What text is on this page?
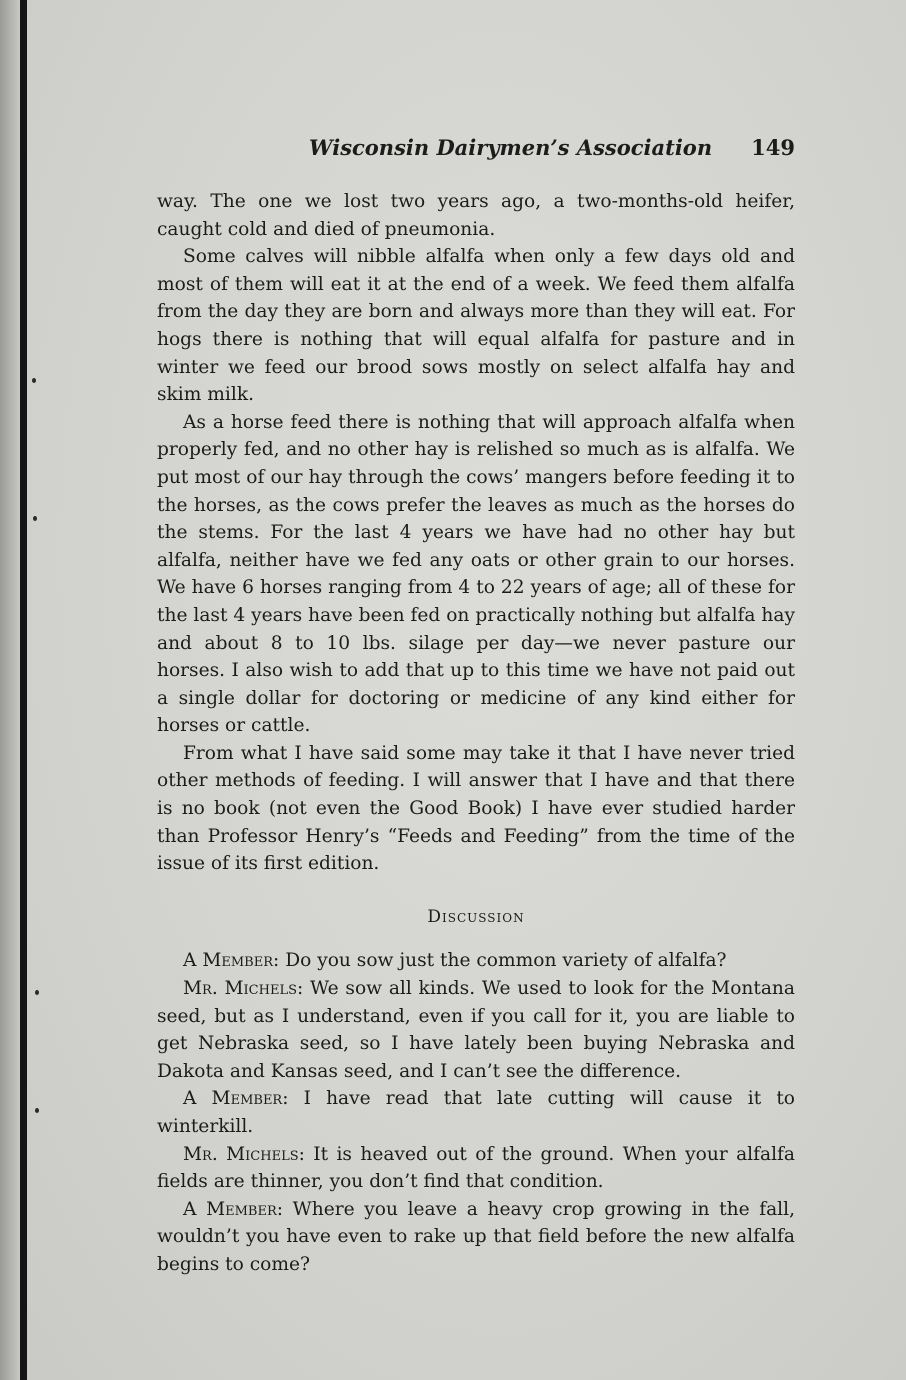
Wisconsin Dairymen’s Association 149

way. The one we lost two years ago, a two-months-old heifer, caught cold and died of pneumonia.

Some calves will nibble alfalfa when only a few days old and most of them will eat it at the end of a week. We feed them alfalfa from the day they are born and always more than they will eat. For hogs there is nothing that will equal alfalfa for pasture and in winter we feed our brood sows mostly on select alfalfa hay and skim milk.

As a horse feed there is nothing that will approach alfalfa when properly fed, and no other hay is relished so much as is alfalfa. We put most of our hay through the cows’ mangers before feeding it to the horses, as the cows prefer the leaves as much as the horses do the stems. For the last 4 years we have had no other hay but alfalfa, neither have we fed any oats or other grain to our horses. We have 6 horses ranging from 4 to 22 years of age; all of these for the last 4 years have been fed on practically nothing but alfalfa hay and about 8 to 10 lbs. silage per day—we never pasture our horses. I also wish to add that up to this time we have not paid out a single dollar for doctoring or medicine of any kind either for horses or cattle.

From what I have said some may take it that I have never tried other methods of feeding. I will answer that I have and that there is no book (not even the Good Book) I have ever studied harder than Professor Henry’s “Feeds and Feeding” from the time of the issue of its first edition.

Discussion

A Member: Do you sow just the common variety of alfalfa?

Mr. Michels: We sow all kinds. We used to look for the Montana seed, but as I understand, even if you call for it, you are liable to get Nebraska seed, so I have lately been buying Nebraska and Dakota and Kansas seed, and I can’t see the difference.

A Member: I have read that late cutting will cause it to winterkill.

Mr. Michels: It is heaved out of the ground. When your alfalfa fields are thinner, you don’t find that condition.

A Member: Where you leave a heavy crop growing in the fall, wouldn’t you have even to rake up that field before the new alfalfa begins to come?
